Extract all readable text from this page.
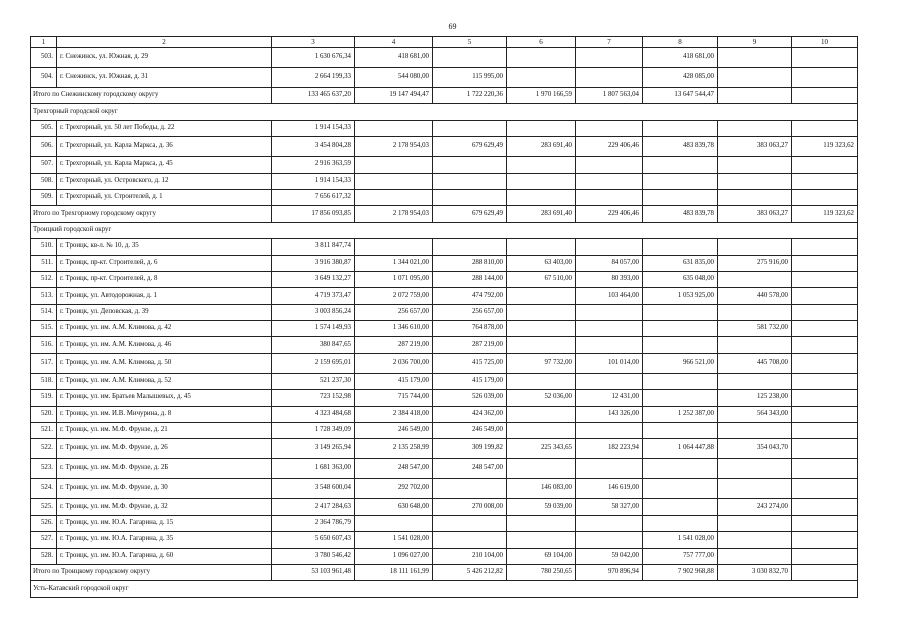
69
1	2	3	4	5	6	7	8	9	10
503.	г. Снежинск, ул. Южная, д. 29	1 630 676,34	418 681,00				418 681,00		
504.	г. Снежинск, ул. Южная, д. 31	2 664 199,33	544 080,00	115 995,00			428 085,00		
Итого по Снежинскому городскому округу		133 465 637,20	19 147 494,47	1 722 220,36	1 970 166,59	1 807 563,04	13 647 544,47		
Трехгорный городской округ									
505.	г. Трехгорный, ул. 50 лет Победы, д. 22	1 914 154,33							
506.	г. Трехгорный, ул. Карла Маркса, д. 36	3 454 804,28	2 178 954,03	679 629,49	283 691,40	229 406,46	483 839,78	383 063,27	119 323,62
507.	г. Трехгорный, ул. Карла Маркса, д. 45	2 916 363,59							
508.	г. Трехгорный, ул. Островского, д. 12	1 914 154,33							
509.	г. Трехгорный, ул. Строителей, д. 1	7 656 617,32							
Итого по Трехгорному городскому округу		17 856 093,85	2 178 954,03	679 629,49	283 691,40	229 406,46	483 839,78	383 063,27	119 323,62
Троицкий городской округ									
510.	г. Троицк, кв-л. № 10, д. 35	3 811 847,74							
511.	г. Троицк, пр-кт. Строителей, д. 6	3 916 380,87	1 344 021,00	288 810,00	63 403,00	84 057,00	631 835,00	275 916,00	
512.	г. Троицк, пр-кт. Строителей, д. 8	3 649 132,27	1 071 095,00	288 144,00	67 510,00	80 393,00	635 048,00		
513.	г. Троицк, ул. Автодорожная, д. 1	4 719 373,47	2 072 759,00	474 792,00		103 464,00	1 053 925,00	440 578,00	
514.	г. Троицк, ул. Деповская, д. 39	3 003 856,24	256 657,00	256 657,00					
515.	г. Троицк, ул. им. А.М. Климова, д. 42	1 574 149,93	1 346 610,00	764 878,00				581 732,00	
516.	г. Троицк, ул. им. А.М. Климова, д. 46	380 847,65	287 219,00	287 219,00					
517.	г. Троицк, ул. им. А.М. Климова, д. 50	2 159 695,01	2 036 700,00	415 725,00	97 732,00	101 014,00	966 521,00	445 708,00	
518.	г. Троицк, ул. им. А.М. Климова, д. 52	521 237,30	415 179,00	415 179,00					
519.	г. Троицк, ул. им. Братьев Малышевых, д. 45	723 152,98	715 744,00	526 039,00	52 036,00	12 431,00		125 238,00	
520.	г. Троицк, ул. им. И.В. Мичурина, д. 8	4 323 484,68	2 384 418,00	424 362,00		143 326,00	1 252 387,00	564 343,00	
521.	г. Троицк, ул. им. М.Ф. Фрунзе, д. 21	1 728 349,09	246 549,00	246 549,00					
522.	г. Троицк, ул. им. М.Ф. Фрунзе, д. 26	3 149 265,94	2 135 258,99	309 199,82	225 343,65	182 223,94	1 064 447,88	354 043,70	
523.	г. Троицк, ул. им. М.Ф. Фрунзе, д. 2Б	1 681 363,00	248 547,00	248 547,00					
524.	г. Троицк, ул. им. М.Ф. Фрунзе, д. 30	3 548 600,04	292 702,00		146 083,00	146 619,00			
525.	г. Троицк, ул. им. М.Ф. Фрунзе, д. 32	2 417 284,63	630 648,00	270 008,00	59 039,00	58 327,00		243 274,00	
526.	г. Троицк, ул. им. Ю.А. Гагарина, д. 15	2 364 786,79							
527.	г. Троицк, ул. им. Ю.А. Гагарина, д. 35	5 650 607,43	1 541 028,00				1 541 028,00		
528.	г. Троицк, ул. им. Ю.А. Гагарина, д. 60	3 780 546,42	1 096 027,00	210 104,00	69 104,00	59 042,00	757 777,00		
Итого по Троицкому городскому округу		53 103 961,48	18 111 161,99	5 426 212,82	780 250,65	970 896,94	7 902 968,88	3 030 832,70	
Усть-Катавский городской округ									
